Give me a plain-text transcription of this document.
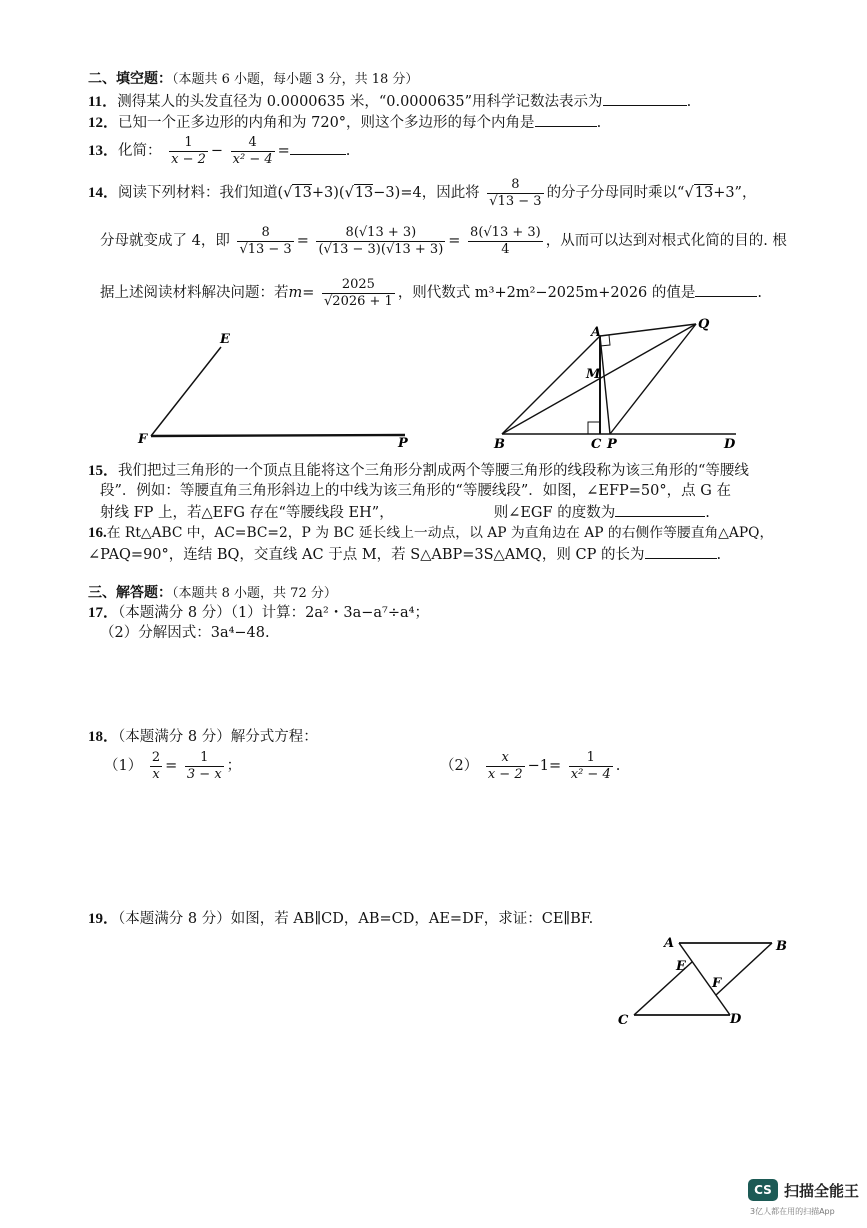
二、填空题：（本题共 6 小题，每小题 3 分，共 18 分）
11．测得某人的头发直径为 0.0000635 米，“0.0000635”用科学记数法表示为	.
12．已知一个正多边形的内角和为 720°，则这个多边形的每个内角是	.
13．化简： $\frac{1}{x - 2} - \frac{4}{\text{x² − 4}}$ =	.
14．阅读下列材料：我们知道(√13+3)(√13−3)=4，因此将 $\frac{8}{√13 - 3}$ 的分子分母同时乘以“√13+3”，
分母就变成了 4，即 $\frac{8}{√13 - 3} = \frac{8(√13 + 3)}{(√13 - 3)(√13 + 3)} = \frac{8(√13 + 3)}{4}$ ，从而可以达到对根式化简的目的. 根
据上述阅读材料解决问题：若$m= \frac{2025}{√2026 + 1}$ ，则代数式 m³+2m²−2025m+2026 的值是	.
E
F	P
A
Q
M
B	C P	D
15．我们把过三角形的一个顶点且能将这个三角形分割成两个等腰三角形的线段称为该三角形的“等腰线
段”．例如：等腰直角三角形斜边上的中线为该三角形的“等腰线段”．如图，∠EFP=50°，点 G 在
射线 FP 上，若△EFG 存在“等腰线段 EH”，	则∠EGF 的度数为	.
16.在 Rt△ABC 中，AC=BC=2，P 为 BC 延长线上一动点，以 AP 为直角边在 AP 的右侧作等腰直角△APQ，
∠PAQ=90°，连结 BQ，交直线 AC 于点 M，若 S△ABP=3S△AMQ，则 CP 的长为	.
三、解答题：（本题共 8 小题，共 72 分）
17．（本题满分 8 分）（1）计算：2a²・3a−a⁷÷a⁴；
（2）分解因式：3a⁴−48.
18．（本题满分 8 分）解分式方程：
$(1) \frac{2}{x} = \frac{1}{3 - x}$ ；	$(2) \frac{x}{x - 2} -1= \frac{1}{\text{x² − 4}}$ .
19．（本题满分 8 分）如图，若 AB∥CD，AB=CD，AE=DF，求证：CE∥BF.
A	B
E
F
C	D
CS 扫描全能王
3亿人都在用的扫描App
